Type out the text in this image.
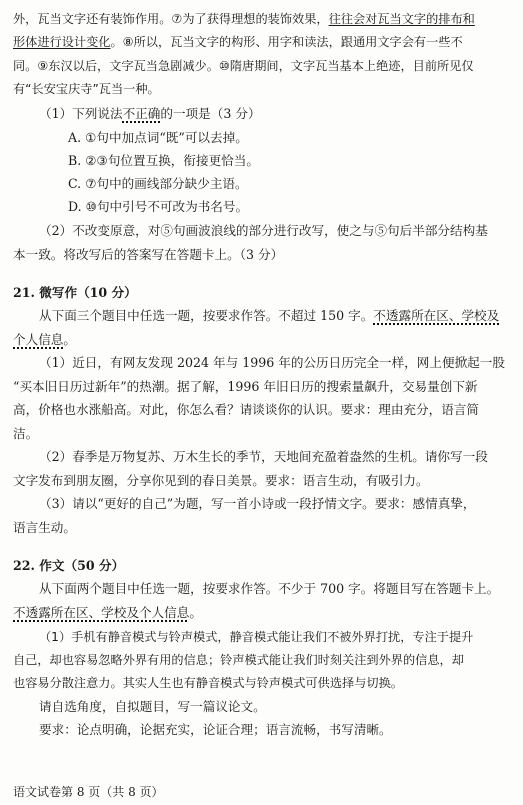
外，瓦当文字还有装饰作用。⑦为了获得理想的装饰效果，往往会对瓦当文字的排布和
形体进行设计变化。⑧所以，瓦当文字的构形、用字和读法，跟通用文字会有一些不
同。⑨东汉以后，文字瓦当急剧减少。⑩隋唐期间，文字瓦当基本上绝迹，目前所见仅
有“长安宝庆寺”瓦当一种。
（1）下列说法不正确的一项是（3 分）
A. ①句中加点词“既”可以去掉。
B. ②③句位置互换，衔接更恰当。
C. ⑦句中的画线部分缺少主语。
D. ⑩句中引号不可改为书名号。
（2）不改变原意，对⑤句画波浪线的部分进行改写，使之与⑤句后半部分结构基
本一致。将改写后的答案写在答题卡上。（3 分）
21. 微写作（10 分）
从下面三个题目中任选一题，按要求作答。不超过 150 字。不透露所在区、学校及
个人信息。
（1）近日，有网友发现 2024 年与 1996 年的公历日历完全一样，网上便掀起一股
“买本旧日历过新年”的热潮。据了解，1996 年旧日历的搜索量飙升，交易量创下新
高，价格也水涨船高。对此，你怎么看？请谈谈你的认识。要求：理由充分，语言简
洁。
（2）春季是万物复苏、万木生长的季节，天地间充盈着盎然的生机。请你写一段
文字发布到朋友圈，分享你见到的春日美景。要求：语言生动，有吸引力。
（3）请以“更好的自己”为题，写一首小诗或一段抒情文字。要求：感情真挚，
语言生动。
22. 作文（50 分）
从下面两个题目中任选一题，按要求作答。不少于 700 字。将题目写在答题卡上。
不透露所在区、学校及个人信息。
（1）手机有静音模式与铃声模式，静音模式能让我们不被外界打扰，专注于提升
自己，却也容易忽略外界有用的信息；铃声模式能让我们时刻关注到外界的信息，却
也容易分散注意力。其实人生也有静音模式与铃声模式可供选择与切换。
请自选角度，自拟题目，写一篇议论文。
要求：论点明确，论据充实，论证合理；语言流畅，书写清晰。
语文试卷第 8 页（共 8 页）
